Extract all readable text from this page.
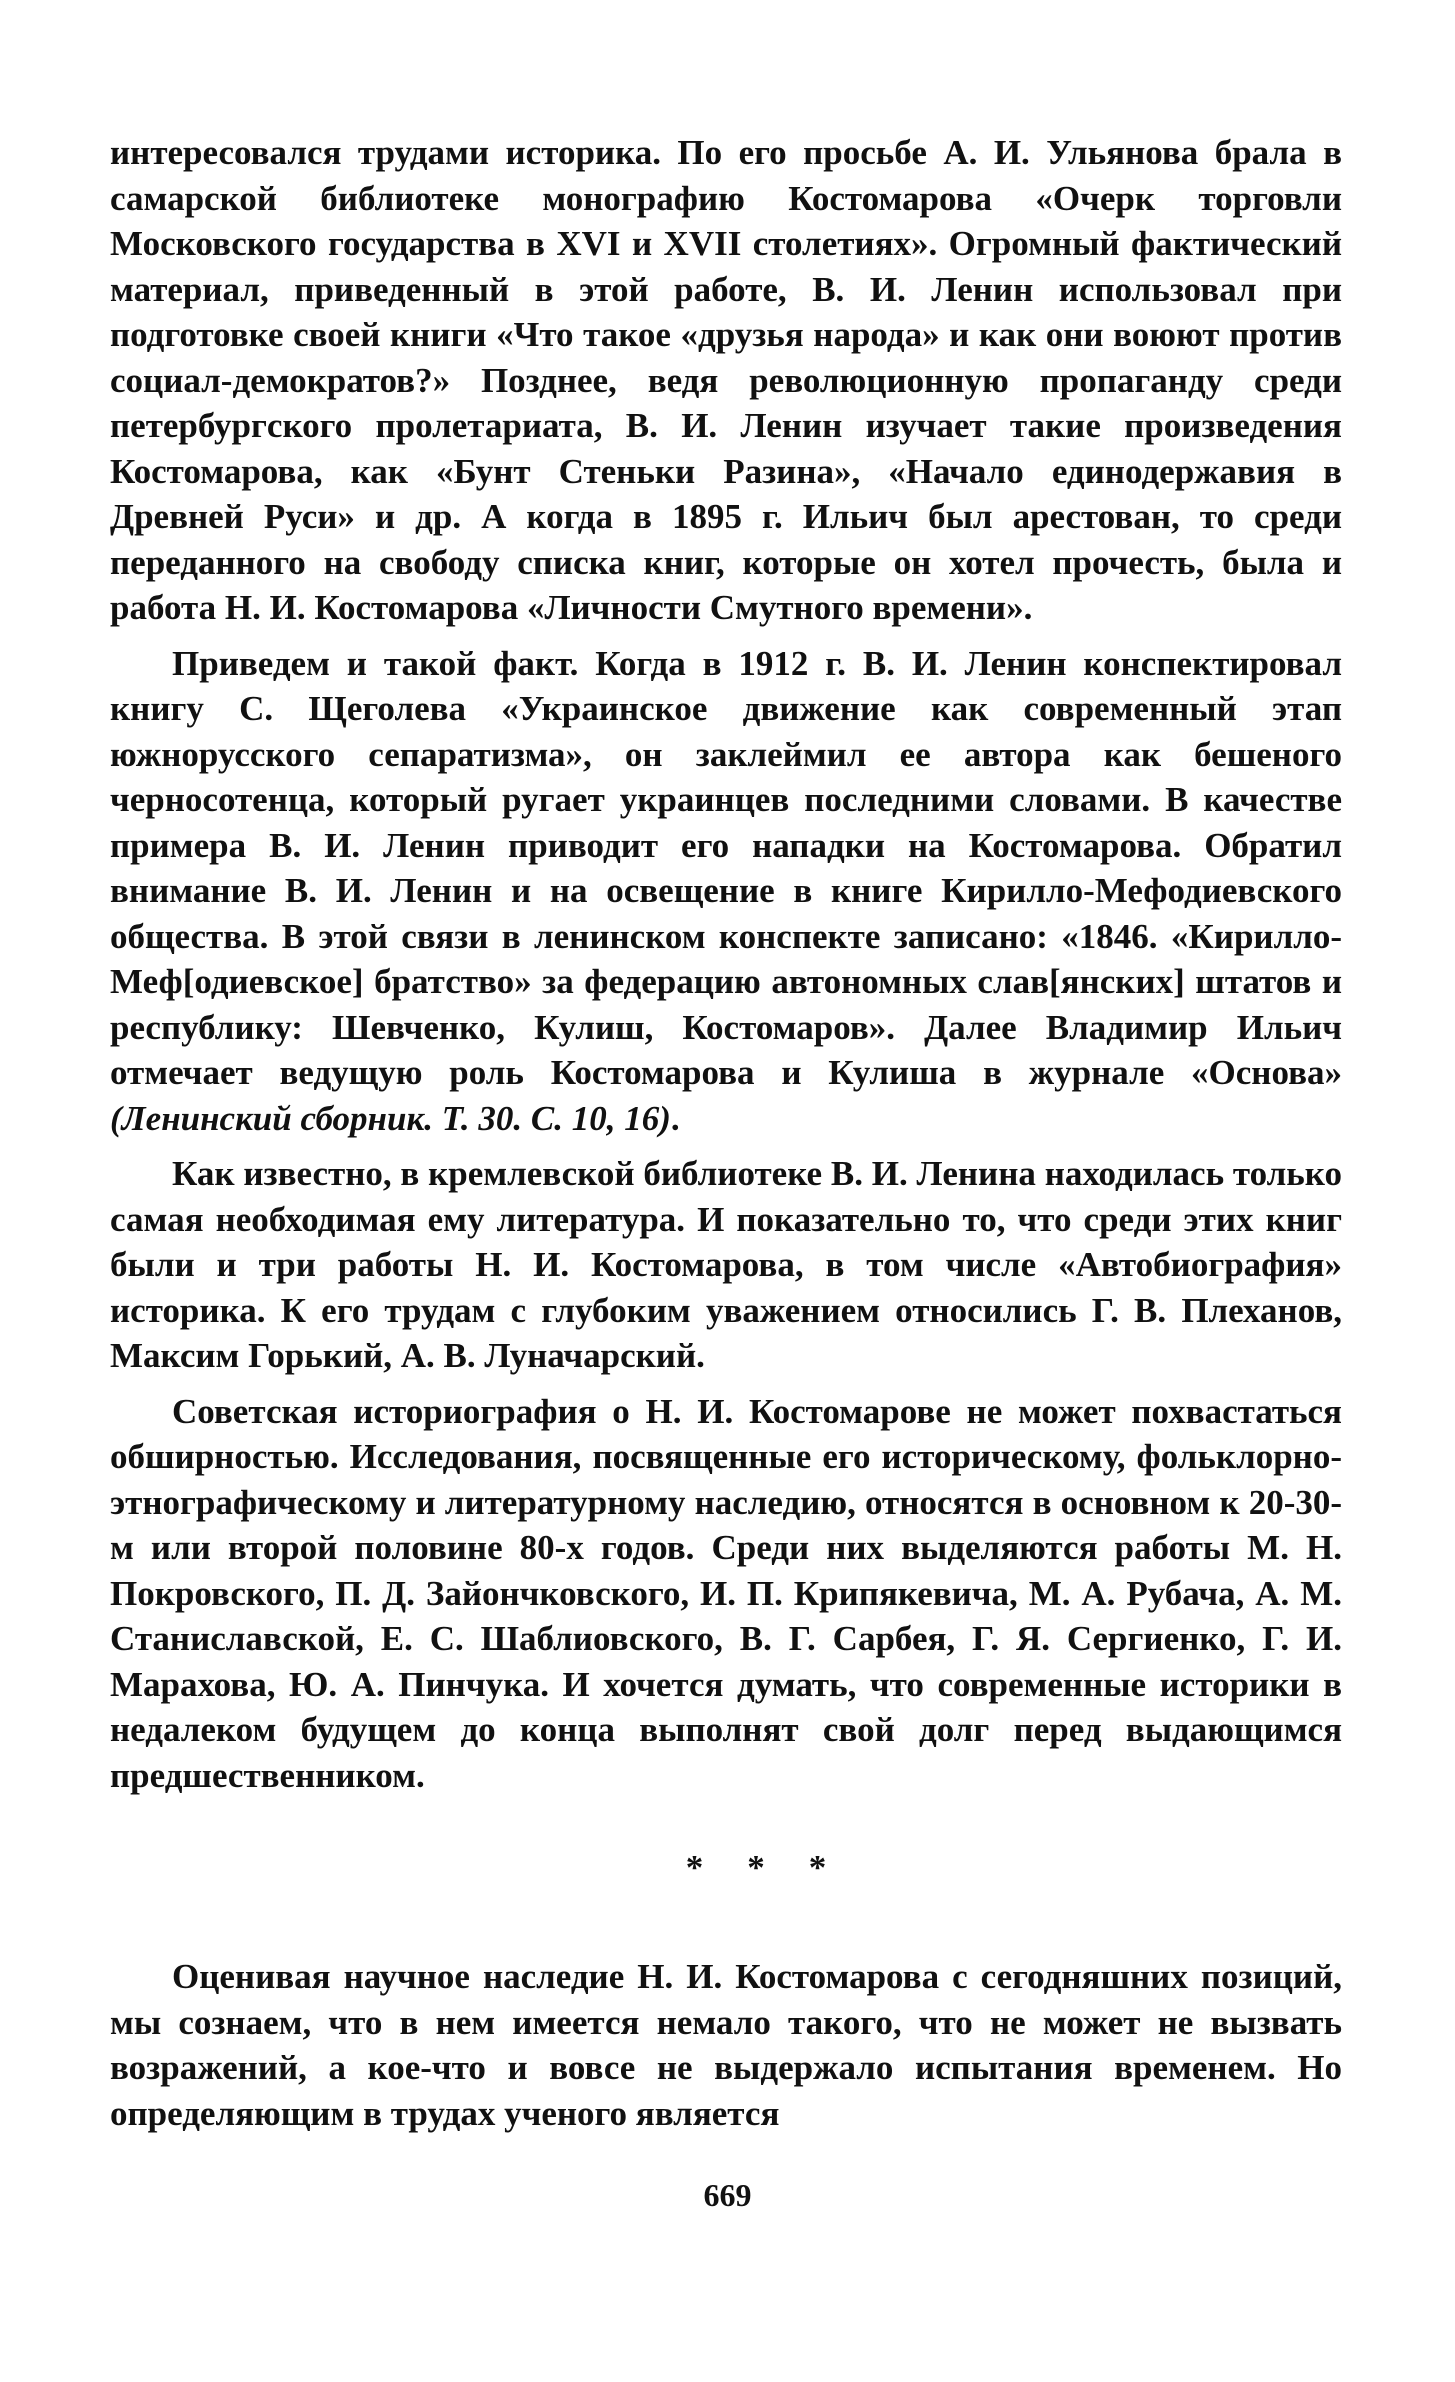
интересовался трудами историка. По его просьбе А. И. Ульянова брала в самарской библиотеке монографию Костомарова «Очерк торговли Московского государства в XVI и XVII столетиях». Огромный фактический материал, приведенный в этой работе, В. И. Ленин использовал при подготовке своей книги «Что такое «друзья народа» и как они воюют против социал-демократов?» Позднее, ведя революционную пропаганду среди петербургского пролетариата, В. И. Ленин изучает такие произведения Костомарова, как «Бунт Стеньки Разина», «Начало единодержавия в Древней Руси» и др. А когда в 1895 г. Ильич был арестован, то среди переданного на свободу списка книг, которые он хотел прочесть, была и работа Н. И. Костомарова «Личности Смутного времени».

Приведем и такой факт. Когда в 1912 г. В. И. Ленин конспектировал книгу С. Щеголева «Украинское движение как современный этап южнорусского сепаратизма», он заклеймил ее автора как бешеного черносотенца, который ругает украинцев последними словами. В качестве примера В. И. Ленин приводит его нападки на Костомарова. Обратил внимание В. И. Ленин и на освещение в книге Кирилло-Мефодиевского общества. В этой связи в ленинском конспекте записано: «1846. «Кирилло-Меф[одиевское] братство» за федерацию автономных слав[янских] штатов и республику: Шевченко, Кулиш, Костомаров». Далее Владимир Ильич отмечает ведущую роль Костомарова и Кулиша в журнале «Основа» (Ленинский сборник. Т. 30. С. 10, 16).

Как известно, в кремлевской библиотеке В. И. Ленина находилась только самая необходимая ему литература. И показательно то, что среди этих книг были и три работы Н. И. Костомарова, в том числе «Автобиография» историка. К его трудам с глубоким уважением относились Г. В. Плеханов, Максим Горький, А. В. Луначарский.

Советская историография о Н. И. Костомарове не может похвастаться обширностью. Исследования, посвященные его историческому, фольклорно-этнографическому и литературному наследию, относятся в основном к 20-30-м или второй половине 80-х годов. Среди них выделяются работы М. Н. Покровского, П. Д. Зайончковского, И. П. Крипякевича, М. А. Рубача, А. М. Станиславской, Е. С. Шаблиовского, В. Г. Сарбея, Г. Я. Сергиенко, Г. И. Марахова, Ю. А. Пинчука. И хочется думать, что современные историки в недалеком будущем до конца выполнят свой долг перед выдающимся предшественником.

* * *

Оценивая научное наследие Н. И. Костомарова с сегодняшних позиций, мы сознаем, что в нем имеется немало такого, что не может не вызвать возражений, а кое-что и вовсе не выдержало испытания временем. Но определяющим в трудах ученого является

669
